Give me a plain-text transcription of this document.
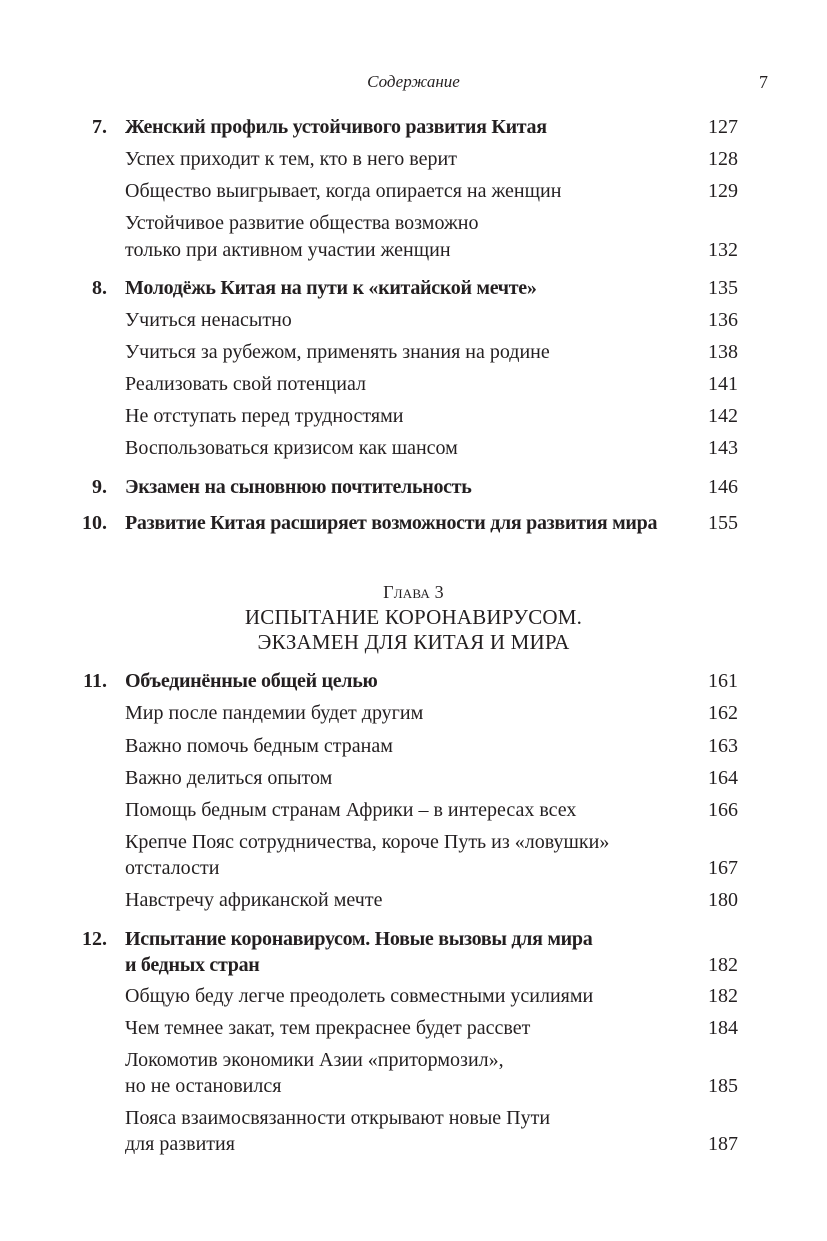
Содержание	7
7. Женский профиль устойчивого развития Китая	127
Успех приходит к тем, кто в него верит	128
Общество выигрывает, когда опирается на женщин	129
Устойчивое развитие общества возможно
только при активном участии женщин	132
8. Молодёжь Китая на пути к «китайской мечте»	135
Учиться ненасытно	136
Учиться за рубежом, применять знания на родине	138
Реализовать свой потенциал	141
Не отступать перед трудностями	142
Воспользоваться кризисом как шансом	143
9. Экзамен на сыновнюю почтительность	146
10. Развитие Китая расширяет возможности для развития мира	155
Глава 3
ИСПЫТАНИЕ КОРОНАВИРУСОМ.
ЭКЗАМЕН ДЛЯ КИТАЯ И МИРА
11. Объединённые общей целью	161
Мир после пандемии будет другим	162
Важно помочь бедным странам	163
Важно делиться опытом	164
Помощь бедным странам Африки – в интересах всех	166
Крепче Пояс сотрудничества, короче Путь из «ловушки»
отсталости	167
Навстречу африканской мечте	180
12. Испытание коронавирусом. Новые вызовы для мира
и бедных стран	182
Общую беду легче преодолеть совместными усилиями	182
Чем темнее закат, тем прекраснее будет рассвет	184
Локомотив экономики Азии «притормозил»,
но не остановился	185
Пояса взаимосвязанности открывают новые Пути
для развития	187
